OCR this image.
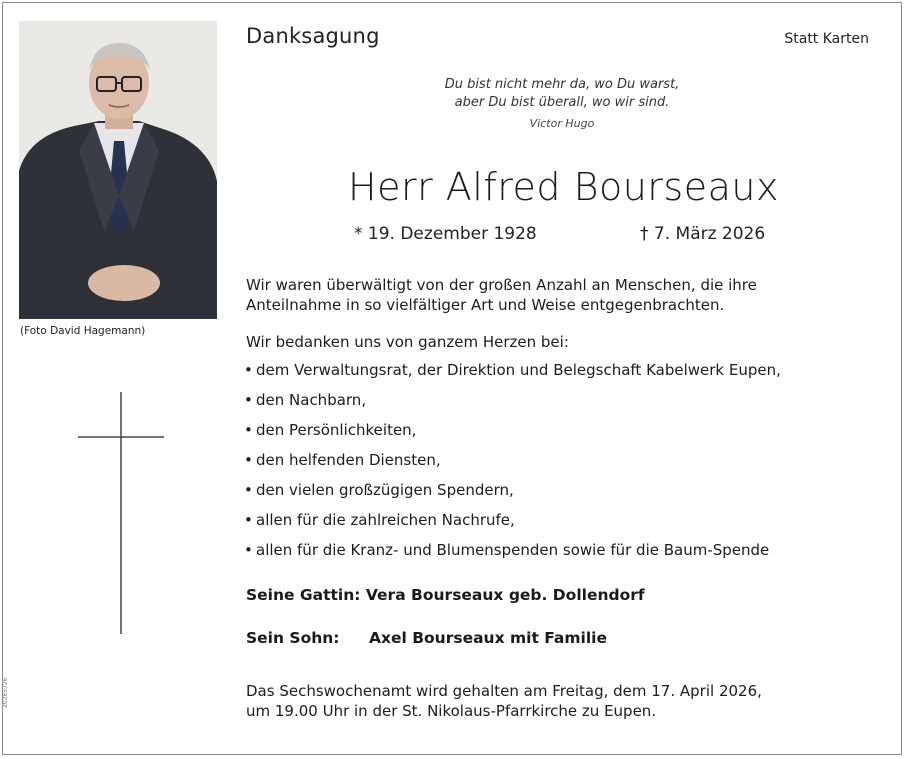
(Foto David Hagemann)
20265726
Danksagung	Statt Karten
Du bist nicht mehr da, wo Du warst,
aber Du bist überall, wo wir sind.
Victor Hugo
Herr Alfred Bourseaux
* 19. Dezember 1928	† 7. März 2026
Wir waren überwältigt von der großen Anzahl an Menschen, die ihre
Anteilnahme in so vielfältiger Art und Weise entgegenbrachten.
Wir bedanken uns von ganzem Herzen bei:
• dem Verwaltungsrat, der Direktion und Belegschaft Kabelwerk Eupen,
• den Nachbarn,
• den Persönlichkeiten,
• den helfenden Diensten,
• den vielen großzügigen Spendern,
• allen für die zahlreichen Nachrufe,
• allen für die Kranz- und Blumenspenden sowie für die Baum-Spende
Seine Gattin: Vera Bourseaux geb. Dollendorf
Sein Sohn: Axel Bourseaux mit Familie
Das Sechswochenamt wird gehalten am Freitag, dem 17. April 2026,
um 19.00 Uhr in der St. Nikolaus-Pfarrkirche zu Eupen.
